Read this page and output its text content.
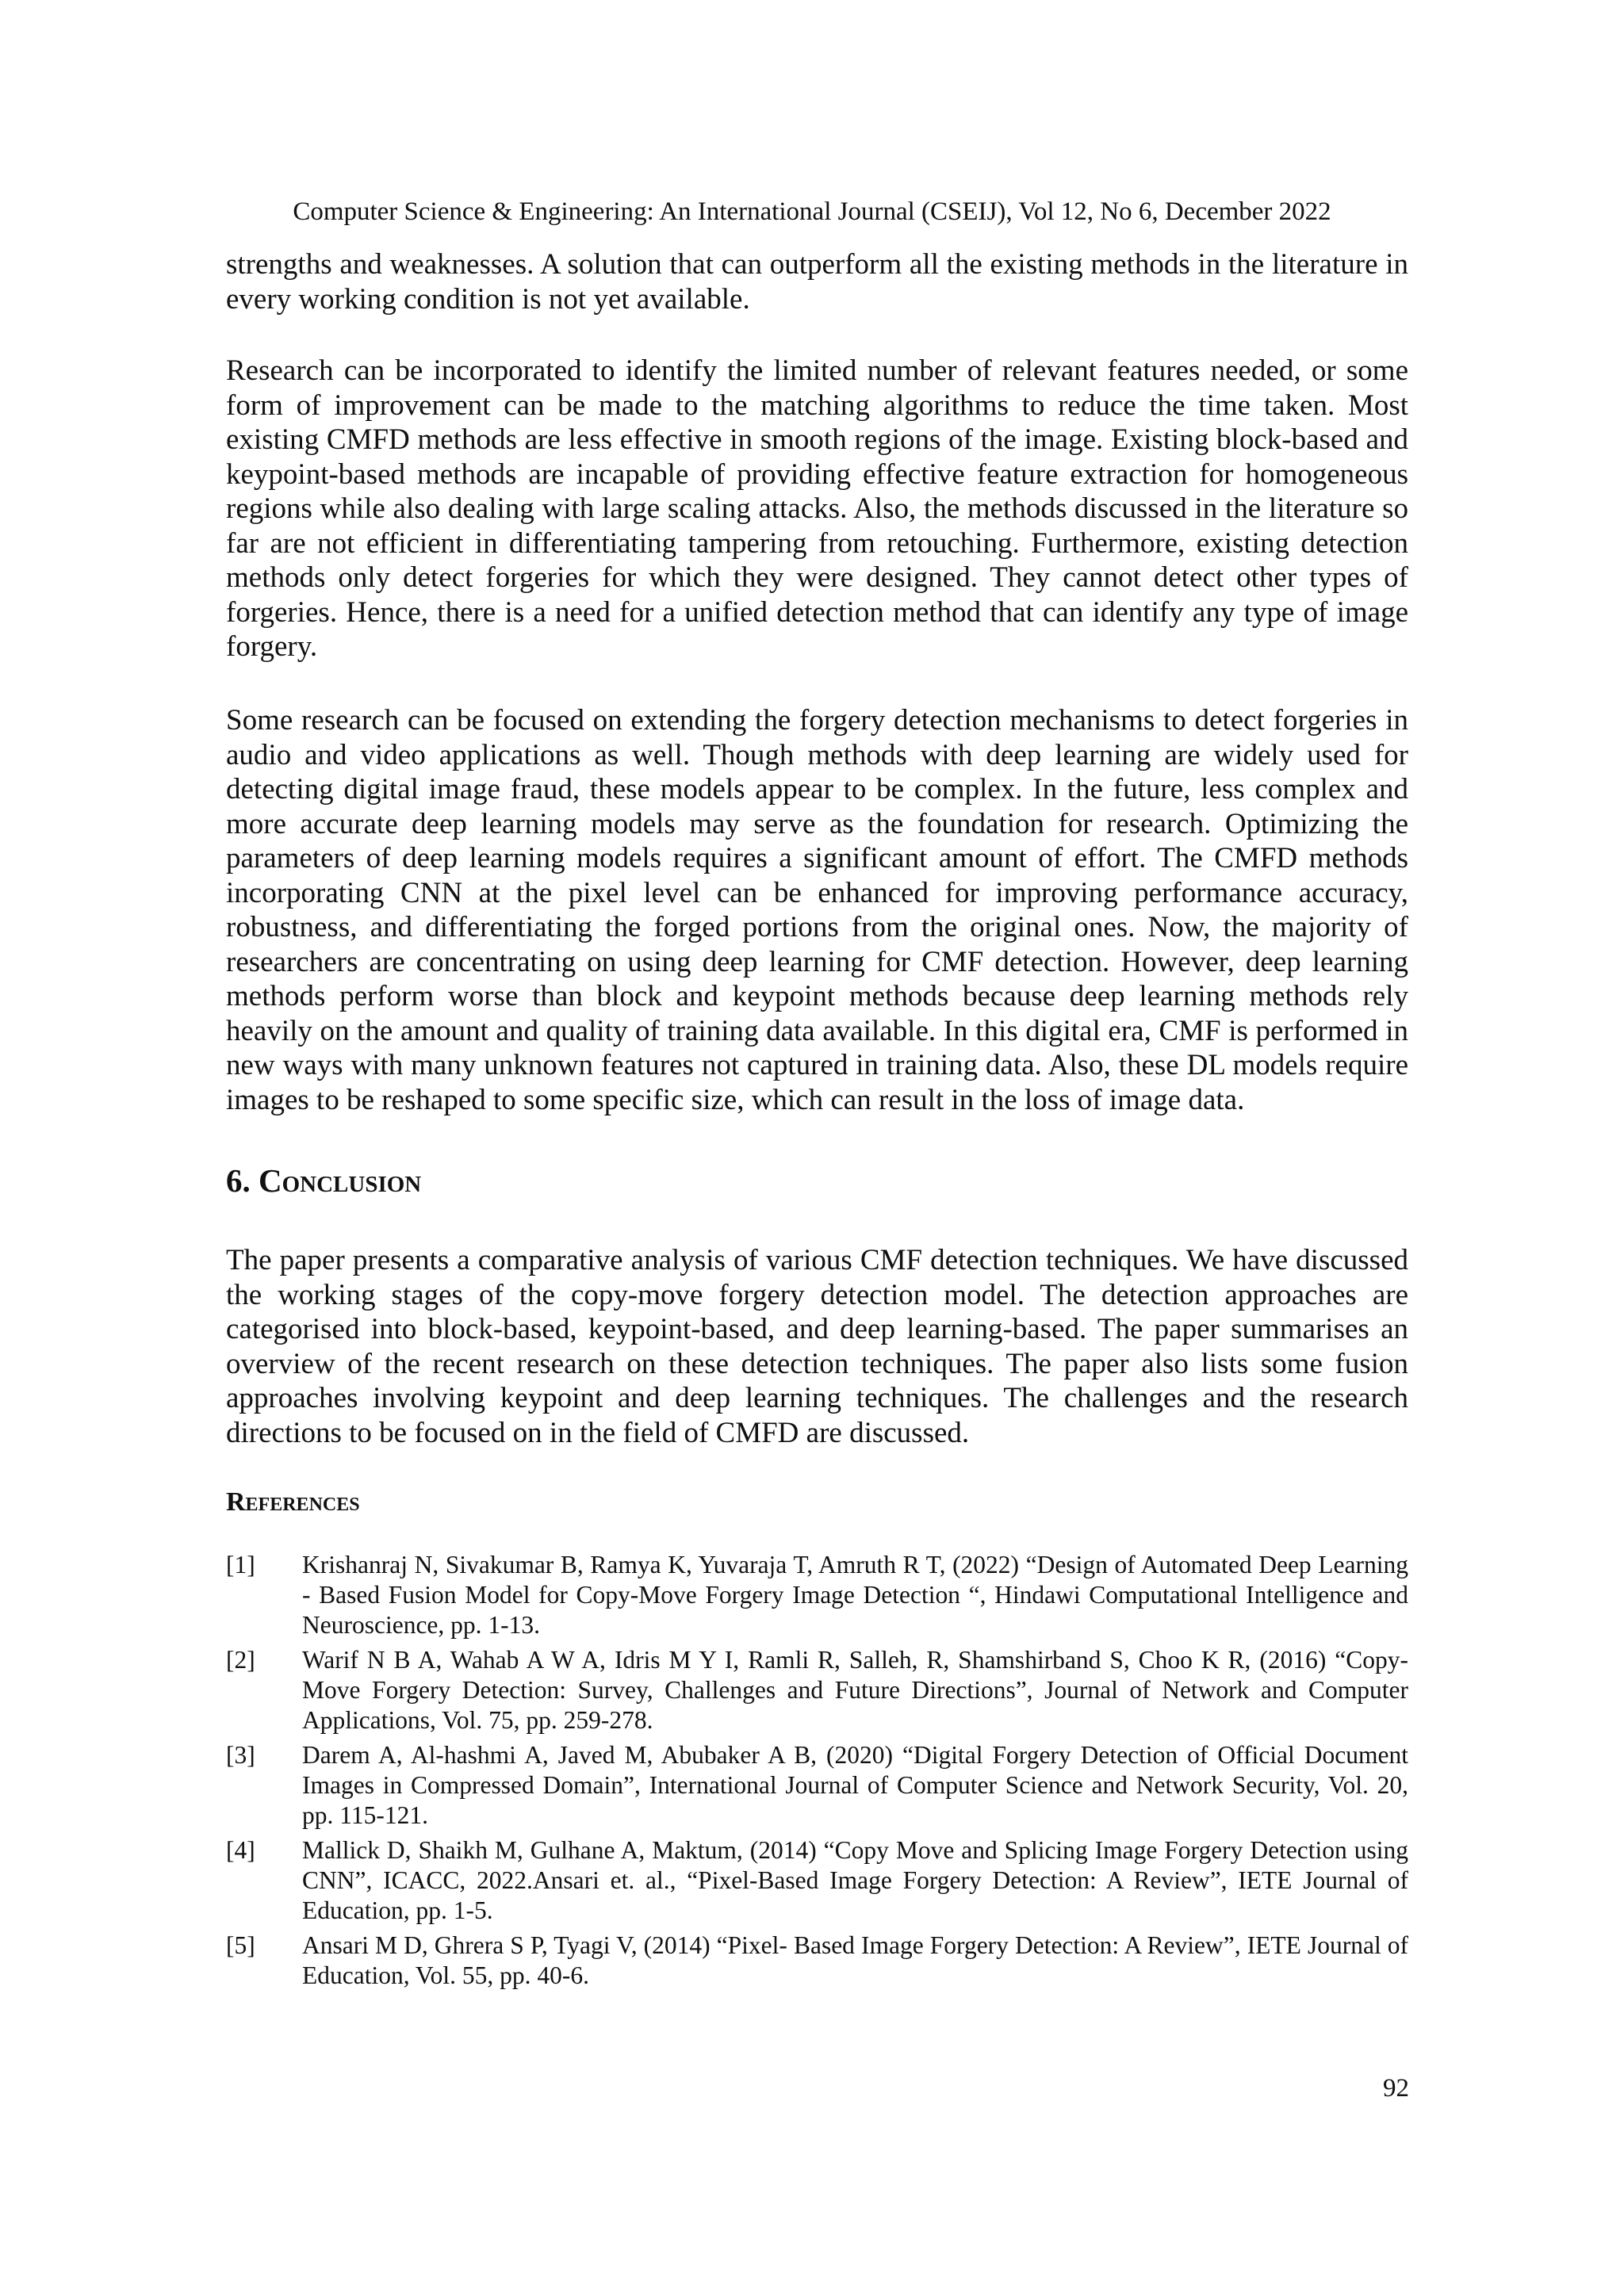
Computer Science & Engineering: An International Journal (CSEIJ), Vol 12, No 6, December 2022

strengths and weaknesses. A solution that can outperform all the existing methods in the literature in every working condition is not yet available.

Research can be incorporated to identify the limited number of relevant features needed, or some form of improvement can be made to the matching algorithms to reduce the time taken. Most existing CMFD methods are less effective in smooth regions of the image. Existing block-based and keypoint-based methods are incapable of providing effective feature extraction for homogeneous regions while also dealing with large scaling attacks. Also, the methods discussed in the literature so far are not efficient in differentiating tampering from retouching. Furthermore, existing detection methods only detect forgeries for which they were designed. They cannot detect other types of forgeries. Hence, there is a need for a unified detection method that can identify any type of image forgery.

Some research can be focused on extending the forgery detection mechanisms to detect forgeries in audio and video applications as well. Though methods with deep learning are widely used for detecting digital image fraud, these models appear to be complex. In the future, less complex and more accurate deep learning models may serve as the foundation for research. Optimizing the parameters of deep learning models requires a significant amount of effort. The CMFD methods incorporating CNN at the pixel level can be enhanced for improving performance accuracy, robustness, and differentiating the forged portions from the original ones. Now, the majority of researchers are concentrating on using deep learning for CMF detection. However, deep learning methods perform worse than block and keypoint methods because deep learning methods rely heavily on the amount and quality of training data available. In this digital era, CMF is performed in new ways with many unknown features not captured in training data. Also, these DL models require images to be reshaped to some specific size, which can result in the loss of image data.

6. Conclusion

The paper presents a comparative analysis of various CMF detection techniques. We have discussed the working stages of the copy-move forgery detection model. The detection approaches are categorised into block-based, keypoint-based, and deep learning-based. The paper summarises an overview of the recent research on these detection techniques. The paper also lists some fusion approaches involving keypoint and deep learning techniques. The challenges and the research directions to be focused on in the field of CMFD are discussed.

References
[1]	Krishanraj N, Sivakumar B, Ramya K, Yuvaraja T, Amruth R T, (2022) “Design of Automated Deep Learning - Based Fusion Model for Copy-Move Forgery Image Detection “, Hindawi Computational Intelligence and Neuroscience, pp. 1-13.
[2]	Warif N B A, Wahab A W A, Idris M Y I, Ramli R, Salleh, R, Shamshirband S, Choo K R, (2016) “Copy-Move Forgery Detection: Survey, Challenges and Future Directions”, Journal of Network and Computer Applications, Vol. 75, pp. 259-278.
[3]	Darem A, Al-hashmi A, Javed M, Abubaker A B, (2020) “Digital Forgery Detection of Official Document Images in Compressed Domain”, International Journal of Computer Science and Network Security, Vol. 20, pp. 115-121.
[4]	Mallick D, Shaikh M, Gulhane A, Maktum, (2014) “Copy Move and Splicing Image Forgery Detection using CNN”, ICACC, 2022.Ansari et. al., “Pixel-Based Image Forgery Detection: A Review”, IETE Journal of Education, pp. 1-5.
[5]	Ansari M D, Ghrera S P, Tyagi V, (2014) “Pixel- Based Image Forgery Detection: A Review”, IETE Journal of Education, Vol. 55, pp. 40-6.
92
